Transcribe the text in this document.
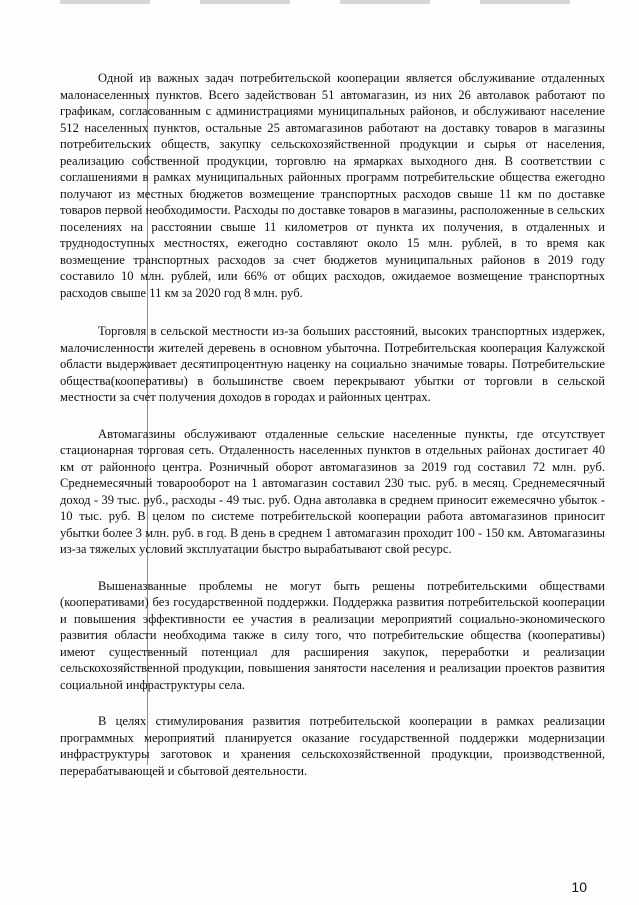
Одной из важных задач потребительской кооперации является обслуживание отдаленных малонаселенных пунктов. Всего задействован 51 автомагазин, из них 26 автолавок работают по графикам, согласованным с администрациями муниципальных районов, и обслуживают население 512 населенных пунктов, остальные 25 автомагазинов работают на доставку товаров в магазины потребительских обществ, закупку сельскохозяйственной продукции и сырья от населения, реализацию собственной продукции, торговлю на ярмарках выходного дня. В соответствии с соглашениями в рамках муниципальных районных программ потребительские общества ежегодно получают из местных бюджетов возмещение транспортных расходов свыше 11 км по доставке товаров первой необходимости. Расходы по доставке товаров в магазины, расположенные в сельских поселениях на расстоянии свыше 11 километров от пункта их получения, в отдаленных и труднодоступных местностях, ежегодно составляют около 15 млн. рублей, в то время как возмещение транспортных расходов за счет бюджетов муниципальных районов в 2019 году составило 10 млн. рублей, или 66% от общих расходов, ожидаемое возмещение транспортных расходов свыше 11 км за 2020 год 8 млн. руб.

Торговля в сельской местности из-за больших расстояний, высоких транспортных издержек, малочисленности жителей деревень в основном убыточна. Потребительская кооперация Калужской области выдерживает десятипроцентную наценку на социально значимые товары. Потребительские общества(кооперативы) в большинстве своем перекрывают убытки от торговли в сельской местности за счет получения доходов в городах и районных центрах.

Автомагазины обслуживают отдаленные сельские населенные пункты, где отсутствует стационарная торговая сеть. Отдаленность населенных пунктов в отдельных районах достигает 40 км от районного центра. Розничный оборот автомагазинов за 2019 год составил 72 млн. руб. Среднемесячный товарооборот на 1 автомагазин составил 230 тыс. руб. в месяц. Среднемесячный доход - 39 тыс. руб., расходы - 49 тыс. руб. Одна автолавка в среднем приносит ежемесячно убыток - 10 тыс. руб. В целом по системе потребительской кооперации работа автомагазинов приносит убытки более 3 млн. руб. в год. В день в среднем 1 автомагазин проходит 100 - 150 км. Автомагазины из-за тяжелых условий эксплуатации быстро вырабатывают свой ресурс.

Вышеназванные проблемы не могут быть решены потребительскими обществами (кооперативами) без государственной поддержки. Поддержка развития потребительской кооперации и повышения эффективности ее участия в реализации мероприятий социально-экономического развития области необходима также в силу того, что потребительские общества (кооперативы) имеют существенный потенциал для расширения закупок, переработки и реализации сельскохозяйственной продукции, повышения занятости населения и реализации проектов развития социальной инфраструктуры села.

В целях стимулирования развития потребительской кооперации в рамках реализации программных мероприятий планируется оказание государственной поддержки модернизации инфраструктуры заготовок и хранения сельскохозяйственной продукции, производственной, перерабатывающей и сбытовой деятельности.

10
